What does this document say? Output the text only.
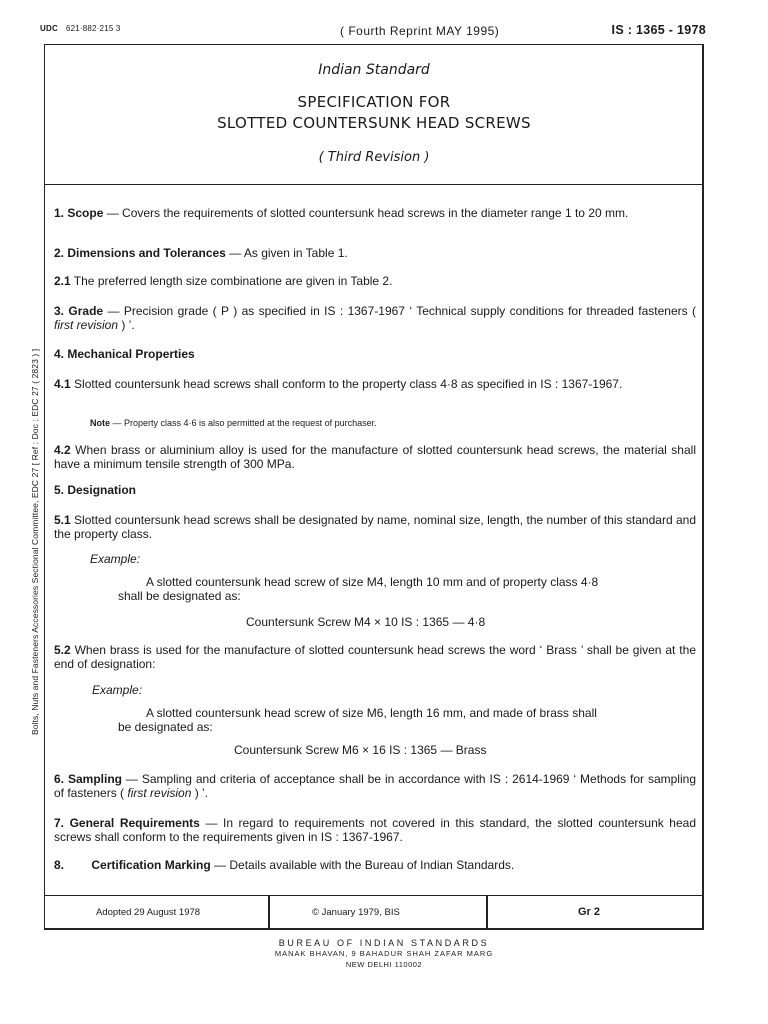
UDC 621·882·215 3	( Fourth Reprint MAY 1995)	IS : 1365 - 1978
Bolts, Nuts and Fasteners Accessories Sectional Committee, EDC 27 [ Ref : Doc : EDC 27 ( 2823 ) ]
Indian Standard
SPECIFICATION FOR
SLOTTED COUNTERSUNK HEAD SCREWS
( Third Revision )
1. Scope — Covers the requirements of slotted countersunk head screws in the diameter range 1 to 20 mm.
2. Dimensions and Tolerances — As given in Table 1.
2.1 The preferred length size combinatione are given in Table 2.
3. Grade — Precision grade ( P ) as specified in IS : 1367-1967 ‘ Technical supply conditions for threaded fasteners ( first revision ) ’.
4. Mechanical Properties
4.1 Slotted countersunk head screws shall conform to the property class 4·8 as specified in IS : 1367-1967.
Note — Property class 4·6 is also permitted at the request of purchaser.
4.2 When brass or aluminium alloy is used for the manufacture of slotted countersunk head screws, the material shall have a minimum tensile strength of 300 MPa.
5. Designation
5.1 Slotted countersunk head screws shall be designated by name, nominal size, length, the number of this standard and the property class.
Example:
A slotted countersunk head screw of size M4, length 10 mm and of property class 4·8
shall be designated as:
Countersunk Screw M4 × 10 IS : 1365 — 4·8
5.2 When brass is used for the manufacture of slotted countersunk head screws the word ‘ Brass ’ shall be given at the end of designation:
Example:
A slotted countersunk head screw of size M6, length 16 mm, and made of brass shall
be designated as:
Countersunk Screw M6 × 16 IS : 1365 — Brass
6. Sampling — Sampling and criteria of acceptance shall be in accordance with IS : 2614-1969 ‘ Methods for sampling of fasteners ( first revision ) ’.
7. General Requirements — In regard to requirements not covered in this standard, the slotted countersunk head screws shall conform to the requirements given in IS : 1367-1967.
8. Certification Marking — Details available with the Bureau of Indian Standards.
Adopted 29 August 1978	© January 1979, BIS	Gr 2
BUREAU OF INDIAN STANDARDS
MANAK BHAVAN, 9 BAHADUR SHAH ZAFAR MARG
NEW DELHI 110002
